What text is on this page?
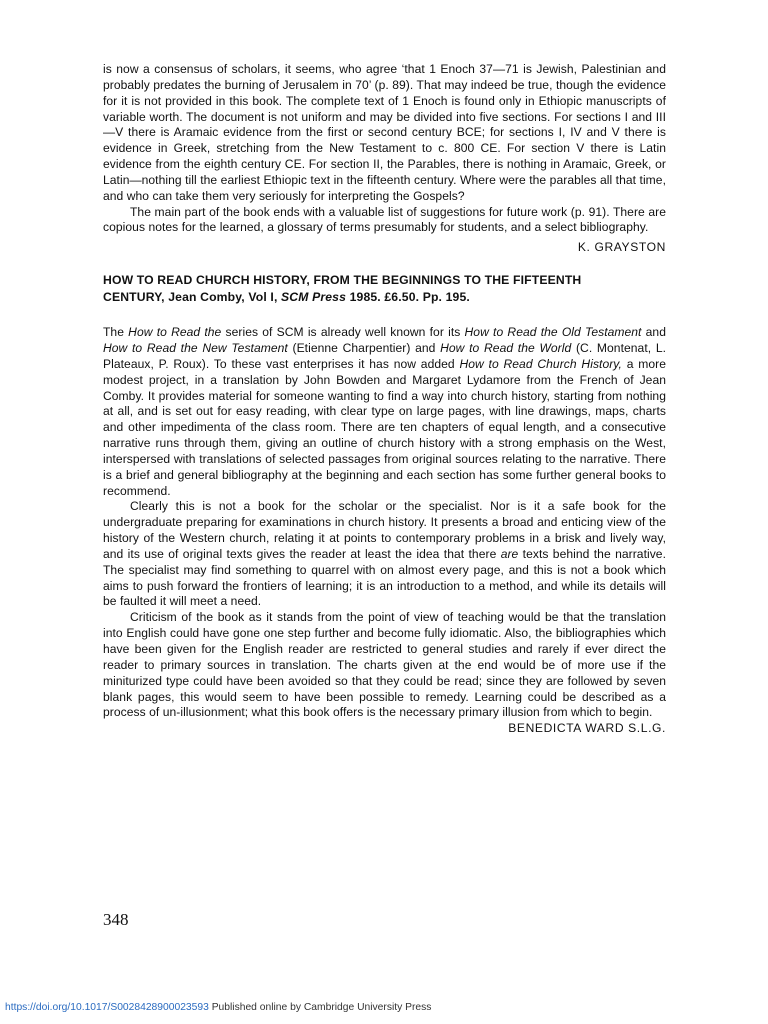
is now a consensus of scholars, it seems, who agree ‘that 1 Enoch 37—71 is Jewish, Palestinian and probably predates the burning of Jerusalem in 70’ (p. 89). That may indeed be true, though the evidence for it is not provided in this book. The complete text of 1 Enoch is found only in Ethiopic manuscripts of variable worth. The document is not uniform and may be divided into five sections. For sections I and III—V there is Aramaic evidence from the first or second century BCE; for sections I, IV and V there is evidence in Greek, stretching from the New Testament to c. 800 CE. For section V there is Latin evidence from the eighth century CE. For section II, the Parables, there is nothing in Aramaic, Greek, or Latin—nothing till the earliest Ethiopic text in the fifteenth century. Where were the parables all that time, and who can take them very seriously for interpreting the Gospels?

The main part of the book ends with a valuable list of suggestions for future work (p. 91). There are copious notes for the learned, a glossary of terms presumably for students, and a select bibliography.

K. GRAYSTON
HOW TO READ CHURCH HISTORY, FROM THE BEGINNINGS TO THE FIFTEENTH
CENTURY, Jean Comby, Vol I, SCM Press 1985. £6.50. Pp. 195.

The How to Read the series of SCM is already well known for its How to Read the Old Testament and How to Read the New Testament (Etienne Charpentier) and How to Read the World (C. Montenat, L. Plateaux, P. Roux). To these vast enterprises it has now added How to Read Church History, a more modest project, in a translation by John Bowden and Margaret Lydamore from the French of Jean Comby. It provides material for someone wanting to find a way into church history, starting from nothing at all, and is set out for easy reading, with clear type on large pages, with line drawings, maps, charts and other impedimenta of the class room. There are ten chapters of equal length, and a consecutive narrative runs through them, giving an outline of church history with a strong emphasis on the West, interspersed with translations of selected passages from original sources relating to the narrative. There is a brief and general bibliography at the beginning and each section has some further general books to recommend.

Clearly this is not a book for the scholar or the specialist. Nor is it a safe book for the undergraduate preparing for examinations in church history. It presents a broad and enticing view of the history of the Western church, relating it at points to contemporary problems in a brisk and lively way, and its use of original texts gives the reader at least the idea that there are texts behind the narrative. The specialist may find something to quarrel with on almost every page, and this is not a book which aims to push forward the frontiers of learning; it is an introduction to a method, and while its details will be faulted it will meet a need.

Criticism of the book as it stands from the point of view of teaching would be that the translation into English could have gone one step further and become fully idiomatic. Also, the bibliographies which have been given for the English reader are restricted to general studies and rarely if ever direct the reader to primary sources in translation. The charts given at the end would be of more use if the miniturized type could have been avoided so that they could be read; since they are followed by seven blank pages, this would seem to have been possible to remedy. Learning could be described as a process of un-illusionment; what this book offers is the necessary primary illusion from which to begin.

BENEDICTA WARD S.L.G.
348
https://doi.org/10.1017/S0028428900023593 Published online by Cambridge University Press
